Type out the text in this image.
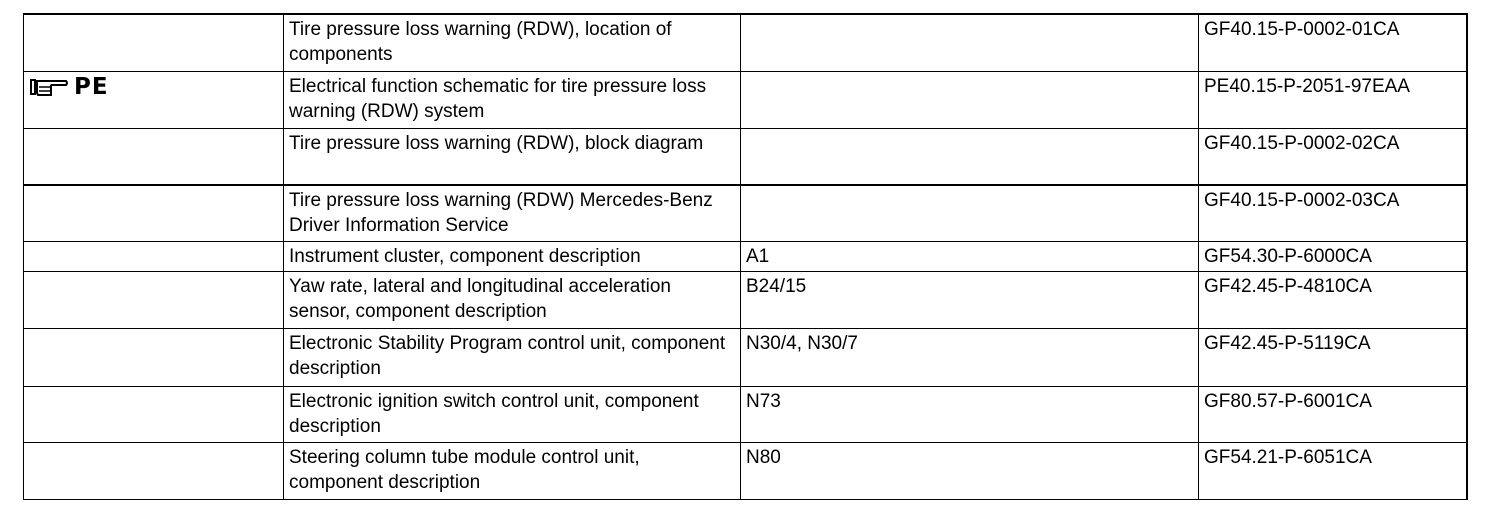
	Tire pressure loss warning (RDW), location of components		GF40.15-P-0002-01CA

PE	Electrical function schematic for tire pressure loss warning (RDW) system		PE40.15-P-2051-97EAA
	Tire pressure loss warning (RDW), block diagram		GF40.15-P-0002-02CA
	Tire pressure loss warning (RDW) Mercedes-Benz Driver Information Service		GF40.15-P-0002-03CA
	Instrument cluster, component description	A1	GF54.30-P-6000CA
	Yaw rate, lateral and longitudinal acceleration sensor, component description	B24/15	GF42.45-P-4810CA
	Electronic Stability Program control unit, component description	N30/4, N30/7	GF42.45-P-5119CA
	Electronic ignition switch control unit, component description	N73	GF80.57-P-6001CA
	Steering column tube module control unit, component description	N80	GF54.21-P-6051CA
